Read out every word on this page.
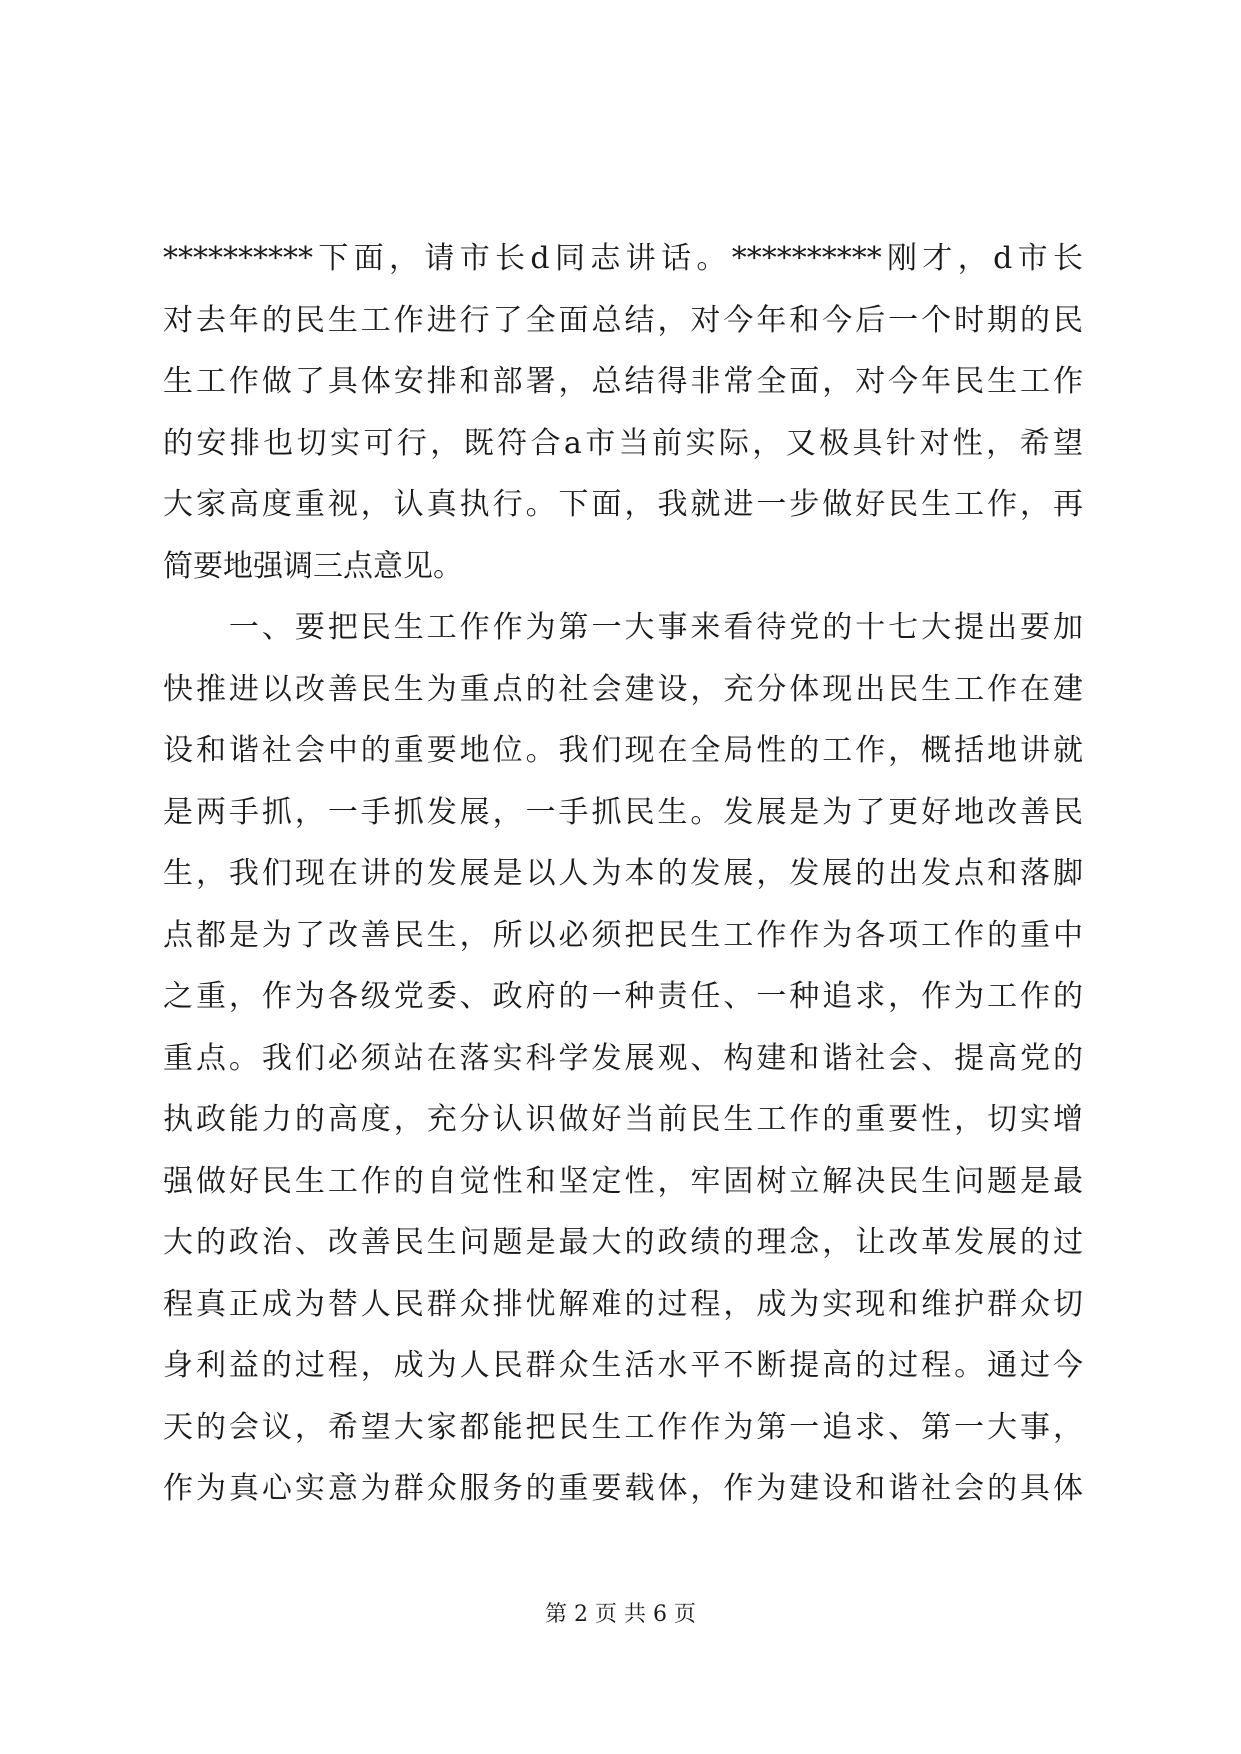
**********下面，请市长d同志讲话。**********刚才，d市长
对去年的民生工作进行了全面总结，对今年和今后一个时期的民
生工作做了具体安排和部署，总结得非常全面，对今年民生工作
的安排也切实可行，既符合a市当前实际，又极具针对性，希望
大家高度重视，认真执行。下面，我就进一步做好民生工作，再
简要地强调三点意见。
　　一、要把民生工作作为第一大事来看待党的十七大提出要加
快推进以改善民生为重点的社会建设，充分体现出民生工作在建
设和谐社会中的重要地位。我们现在全局性的工作，概括地讲就
是两手抓，一手抓发展，一手抓民生。发展是为了更好地改善民
生，我们现在讲的发展是以人为本的发展，发展的出发点和落脚
点都是为了改善民生，所以必须把民生工作作为各项工作的重中
之重，作为各级党委、政府的一种责任、一种追求，作为工作的
重点。我们必须站在落实科学发展观、构建和谐社会、提高党的
执政能力的高度，充分认识做好当前民生工作的重要性，切实增
强做好民生工作的自觉性和坚定性，牢固树立解决民生问题是最
大的政治、改善民生问题是最大的政绩的理念，让改革发展的过
程真正成为替人民群众排忧解难的过程，成为实现和维护群众切
身利益的过程，成为人民群众生活水平不断提高的过程。通过今
天的会议，希望大家都能把民生工作作为第一追求、第一大事，
作为真心实意为群众服务的重要载体，作为建设和谐社会的具体
第 2 页 共 6 页
